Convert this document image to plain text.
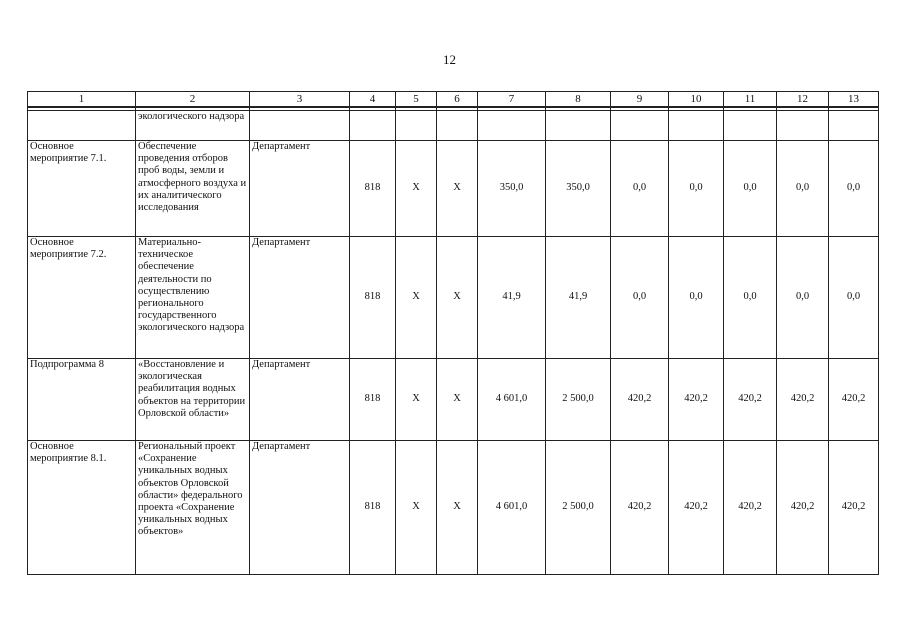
12
1	2	3	4	5	6	7	8	9	10	11	12	13

	экологического надзора											
Основное мероприятие 7.1.	Обеспечение проведения отборов проб воды, земли и атмосферного воздуха и их аналитического исследования	Департамент	818	Х	Х	350,0	350,0	0,0	0,0	0,0	0,0	0,0
Основное мероприятие 7.2.	Материально-техническое обеспечение деятельности по осуществлению регионального государственного экологического надзора	Департамент	818	Х	Х	41,9	41,9	0,0	0,0	0,0	0,0	0,0
Подпрограмма 8	«Восстановление и экологическая реабилитация водных объектов на территории Орловской области»	Департамент	818	Х	Х	4 601,0	2 500,0	420,2	420,2	420,2	420,2	420,2
Основное мероприятие 8.1.	Региональный проект «Сохранение уникальных водных объектов Орловской области» федерального проекта «Сохранение уникальных водных объектов»	Департамент	818	Х	Х	4 601,0	2 500,0	420,2	420,2	420,2	420,2	420,2
